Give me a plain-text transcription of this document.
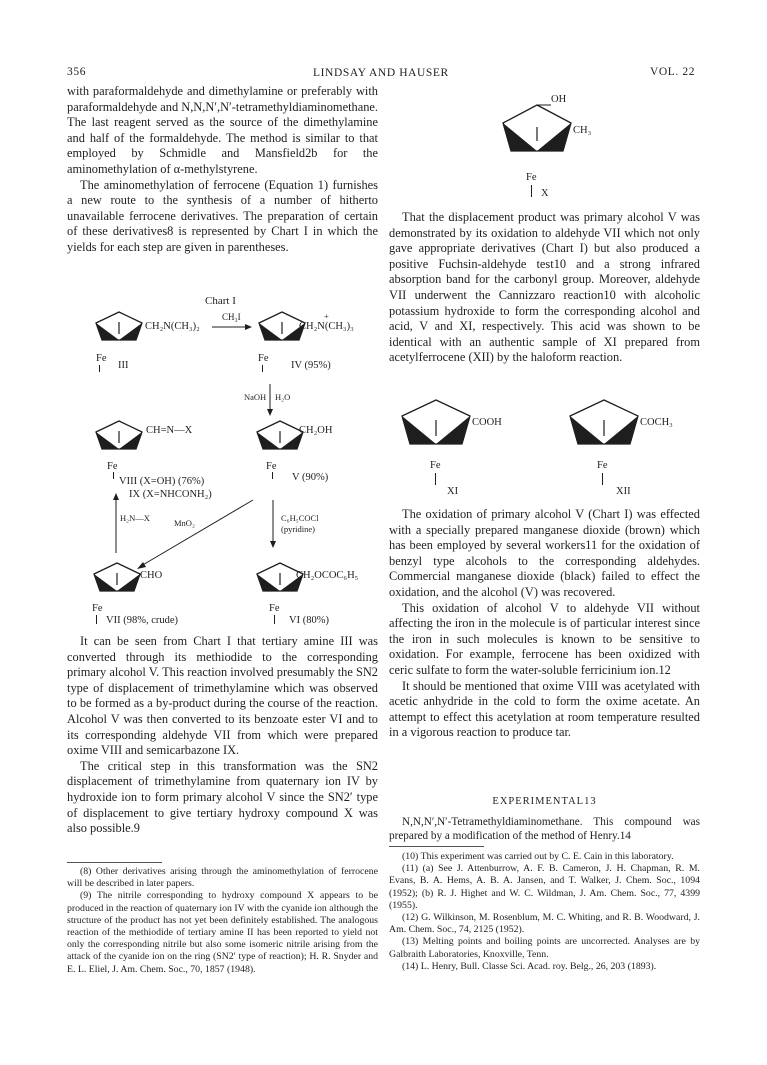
356	LINDSAY AND HAUSER	VOL. 22

with paraformaldehyde and dimethylamine or preferably with paraformaldehyde and N,N,N′,N′-tetramethyldiaminomethane. The last reagent served as the source of the dimethylamine and half of the formaldehyde. The method is similar to that employed by Schmidle and Mansfield2b for the aminomethylation of α-methylstyrene.

The aminomethylation of ferrocene (Equation 1) furnishes a new route to the synthesis of a number of hitherto unavailable ferrocene derivatives. The preparation of certain of these derivatives8 is represented by Chart I in which the yields for each step are given in parentheses.

Chart I
CH₂N(CH₃)₂
CH₃I
CH₂N(CH₃)₃
+
Fe
III
Fe
IV (95%)
NaOH H₂O
CH=N—X	CH₂OH
Fe	Fe
VIII (X=OH) (76%)
IX (X=NHCONH₂)
V (90%)
H₂N—X	MnO₂	C₆H₅COCl
(pyridine)
CHO	CH₂OCOC₆H₅
Fe
VII (98%, crude)
Fe
VI (80%)

It can be seen from Chart I that tertiary amine III was converted through its methiodide to the corresponding primary alcohol V. This reaction involved presumably the SN2 type of displacement of trimethylamine which was observed to be formed as a by-product during the course of the reaction. Alcohol V was then converted to its benzoate ester VI and to its corresponding aldehyde VII from which were prepared oxime VIII and semicarbazone IX.

The critical step in this transformation was the SN2 displacement of trimethylamine from quaternary ion IV by hydroxide ion to form primary alcohol V since the SN2′ type of displacement to give tertiary hydroxy compound X was also possible.9

(8) Other derivatives arising through the aminomethylation of ferrocene will be described in later papers.

(9) The nitrile corresponding to hydroxy compound X appears to be produced in the reaction of quaternary ion IV with the cyanide ion although the structure of the product has not yet been definitely established. The analogous reaction of the methiodide of tertiary amine II has been reported to yield not only the corresponding nitrile but also some isomeric nitrile arising from the attack of the cyanide ion on the ring (SN2′ type of reaction); H. R. Snyder and E. L. Eliel, J. Am. Chem. Soc., 70, 1857 (1948).

OH
CH₃
Fe
X

That the displacement product was primary alcohol V was demonstrated by its oxidation to aldehyde VII which not only gave appropriate derivatives (Chart I) but also produced a positive Fuchsin-aldehyde test10 and a strong infrared absorption band for the carbonyl group. Moreover, aldehyde VII underwent the Cannizzaro reaction10 with alcoholic potassium hydroxide to form the corresponding alcohol and acid, V and XI, respectively. This acid was shown to be identical with an authentic sample of XI prepared from acetylferrocene (XII) by the haloform reaction.

COOH
Fe
XI
COCH₃
Fe
XII

The oxidation of primary alcohol V (Chart I) was effected with a specially prepared manganese dioxide (brown) which has been employed by several workers11 for the oxidation of benzyl type alcohols to the corresponding aldehydes. Commercial manganese dioxide (black) failed to effect the oxidation, and the alcohol (V) was recovered.

This oxidation of alcohol V to aldehyde VII without affecting the iron in the molecule is of particular interest since the iron in such molecules is known to be sensitive to oxidation. For example, ferrocene has been oxidized with ceric sulfate to form the water-soluble ferricinium ion.12

It should be mentioned that oxime VIII was acetylated with acetic anhydride in the cold to form the oxime acetate. An attempt to effect this acetylation at room temperature resulted in a vigorous reaction to produce tar.

EXPERIMENTAL13

N,N,N′,N′-Tetramethyldiaminomethane. This compound was prepared by a modification of the method of Henry.14

(10) This experiment was carried out by C. E. Cain in this laboratory.

(11) (a) See J. Attenburrow, A. F. B. Cameron, J. H. Chapman, R. M. Evans, B. A. Hems, A. B. A. Jansen, and T. Walker, J. Chem. Soc., 1094 (1952); (b) R. J. Highet and W. C. Wildman, J. Am. Chem. Soc., 77, 4399 (1955).

(12) G. Wilkinson, M. Rosenblum, M. C. Whiting, and R. B. Woodward, J. Am. Chem. Soc., 74, 2125 (1952).

(13) Melting points and boiling points are uncorrected. Analyses are by Galbraith Laboratories, Knoxville, Tenn.

(14) L. Henry, Bull. Classe Sci. Acad. roy. Belg., 26, 203 (1893).
